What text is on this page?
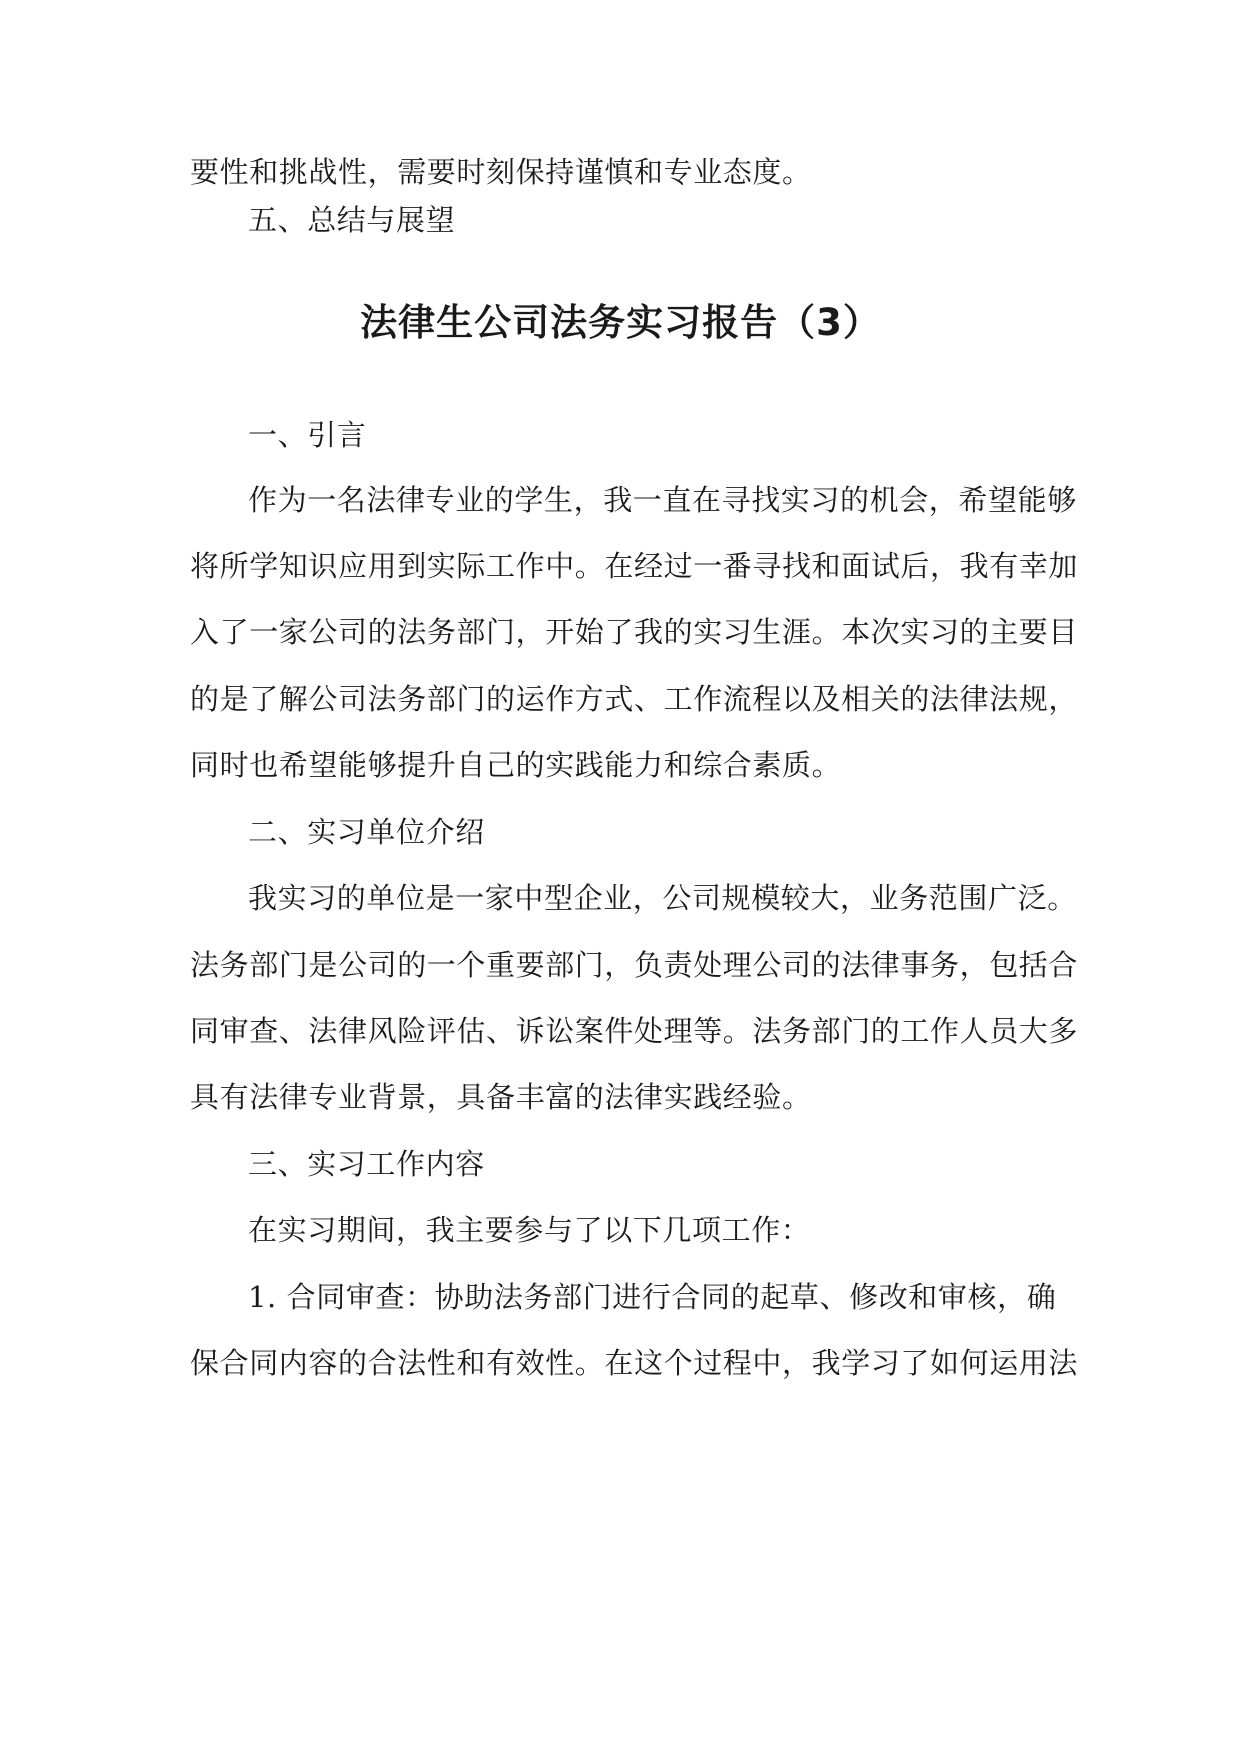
要性和挑战性，需要时刻保持谨慎和专业态度。
五、总结与展望
法律生公司法务实习报告（3）
一、引言
作为一名法律专业的学生，我一直在寻找实习的机会，希望能够
将所学知识应用到实际工作中。在经过一番寻找和面试后，我有幸加
入了一家公司的法务部门，开始了我的实习生涯。本次实习的主要目
的是了解公司法务部门的运作方式、工作流程以及相关的法律法规，
同时也希望能够提升自己的实践能力和综合素质。
二、实习单位介绍
我实习的单位是一家中型企业，公司规模较大，业务范围广泛。
法务部门是公司的一个重要部门，负责处理公司的法律事务，包括合
同审查、法律风险评估、诉讼案件处理等。法务部门的工作人员大多
具有法律专业背景，具备丰富的法律实践经验。
三、实习工作内容
在实习期间，我主要参与了以下几项工作：
1. 合同审查：协助法务部门进行合同的起草、修改和审核，确
保合同内容的合法性和有效性。在这个过程中，我学习了如何运用法
